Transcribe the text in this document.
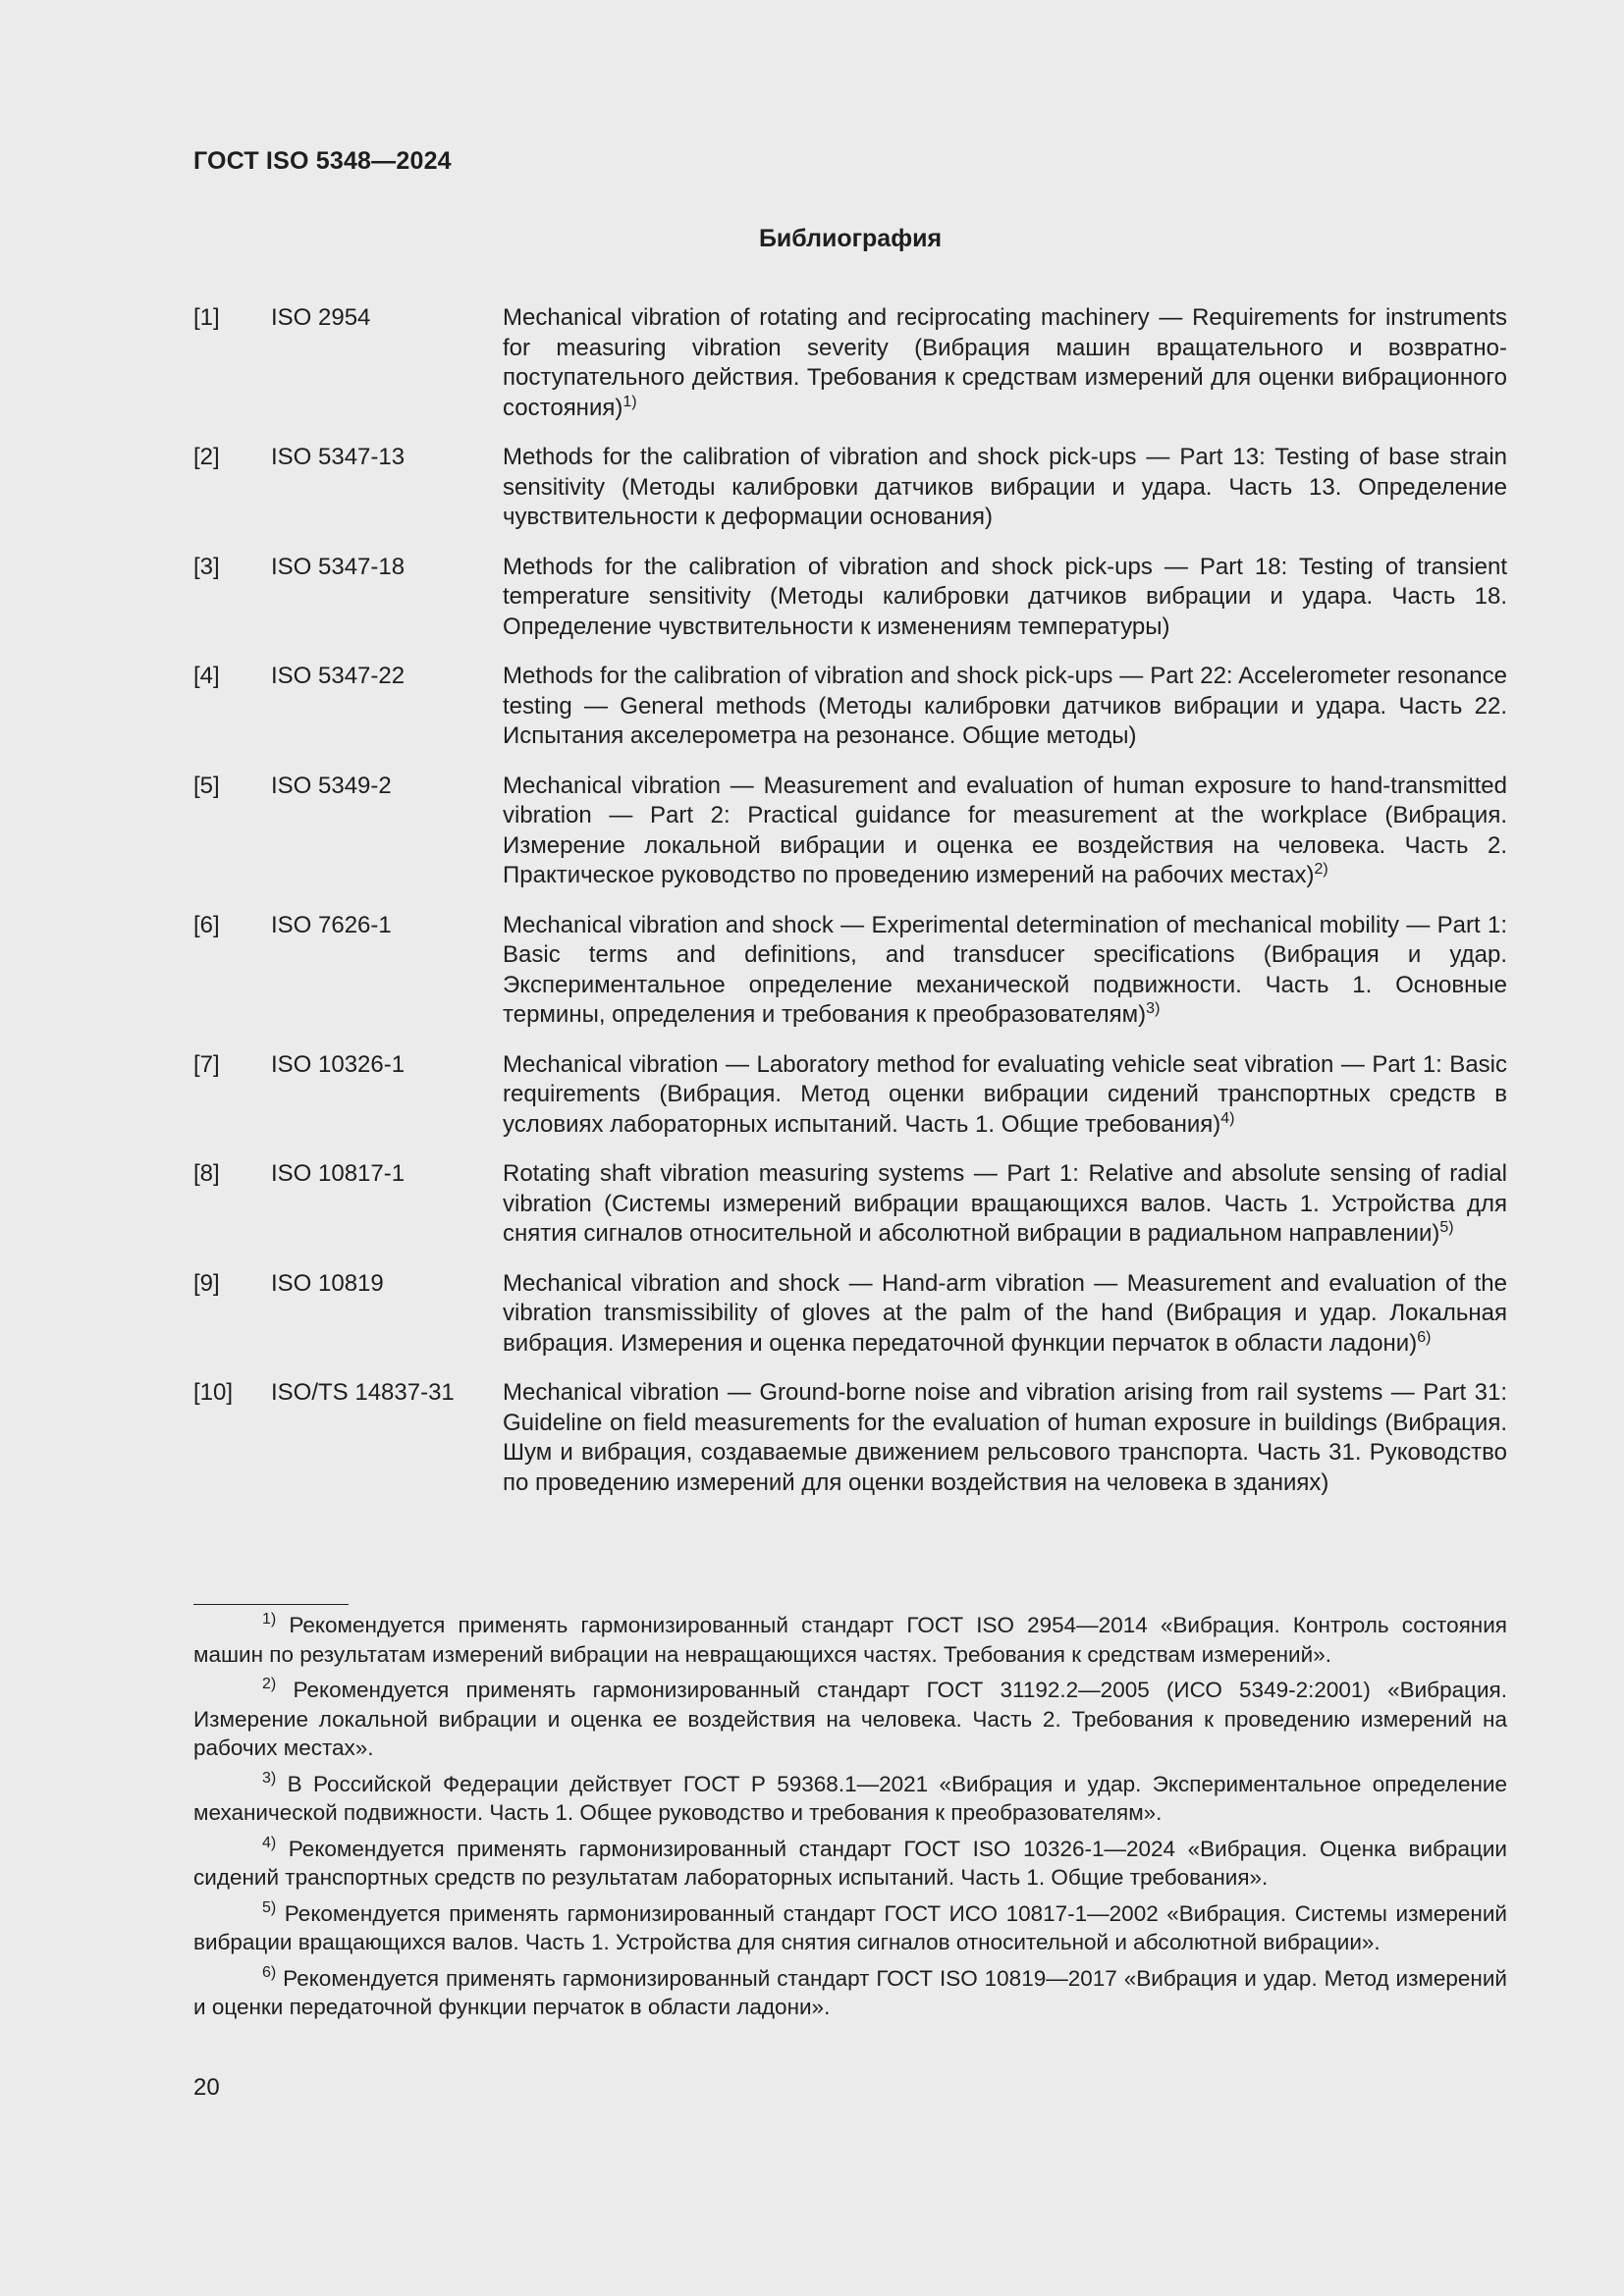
ГОСТ ISO 5348—2024
Библиография
[1]	ISO 2954	Mechanical vibration of rotating and reciprocating machinery — Requirements for instruments for measuring vibration severity (Вибрация машин вращательного и возвратно-поступательного действия. Требования к средствам измерений для оценки вибрационного состояния)$^{1)}$
[2]	ISO 5347-13	Methods for the calibration of vibration and shock pick-ups — Part 13: Testing of base strain sensitivity (Методы калибровки датчиков вибрации и удара. Часть 13. Определение чувствительности к деформации основания)
[3]	ISO 5347-18	Methods for the calibration of vibration and shock pick-ups — Part 18: Testing of transient temperature sensitivity (Методы калибровки датчиков вибрации и удара. Часть 18. Определение чувствительности к изменениям температуры)
[4]	ISO 5347-22	Methods for the calibration of vibration and shock pick-ups — Part 22: Accelerometer resonance testing — General methods (Методы калибровки датчиков вибрации и удара. Часть 22. Испытания акселерометра на резонансе. Общие методы)
[5]	ISO 5349-2	Mechanical vibration — Measurement and evaluation of human exposure to hand-transmitted vibration — Part 2: Practical guidance for measurement at the workplace (Вибрация. Измерение локальной вибрации и оценка ее воздействия на человека. Часть 2. Практическое руководство по проведению измерений на рабочих местах)$^{2)}$
[6]	ISO 7626-1	Mechanical vibration and shock — Experimental determination of mechanical mobility — Part 1: Basic terms and definitions, and transducer specifications (Вибрация и удар. Экспериментальное определение механической подвижности. Часть 1. Основные термины, определения и требования к преобразователям)$^{3)}$
[7]	ISO 10326-1	Mechanical vibration — Laboratory method for evaluating vehicle seat vibration — Part 1: Basic requirements (Вибрация. Метод оценки вибрации сидений транспортных средств в условиях лабораторных испытаний. Часть 1. Общие требования)$^{4)}$
[8]	ISO 10817-1	Rotating shaft vibration measuring systems — Part 1: Relative and absolute sensing of radial vibration (Системы измерений вибрации вращающихся валов. Часть 1. Устройства для снятия сигналов относительной и абсолютной вибрации в радиальном направлении)$^{5)}$
[9]	ISO 10819	Mechanical vibration and shock — Hand-arm vibration — Measurement and evaluation of the vibration transmissibility of gloves at the palm of the hand (Вибрация и удар. Локальная вибрация. Измерения и оценка передаточной функции перчаток в области ладони)$^{6)}$
[10]	ISO/TS 14837-31	Mechanical vibration — Ground-borne noise and vibration arising from rail systems — Part 31: Guideline on field measurements for the evaluation of human exposure in buildings (Вибрация. Шум и вибрация, создаваемые движением рельсового транспорта. Часть 31. Руководство по проведению измерений для оценки воздействия на человека в зданиях)

$^{1)}$ Рекомендуется применять гармонизированный стандарт ГОСТ ISO 2954—2014 «Вибрация. Контроль состояния машин по результатам измерений вибрации на невращающихся частях. Требования к средствам измерений».

$^{2)}$ Рекомендуется применять гармонизированный стандарт ГОСТ 31192.2—2005 (ИСО 5349-2:2001) «Вибрация. Измерение локальной вибрации и оценка ее воздействия на человека. Часть 2. Требования к проведению измерений на рабочих местах».

$^{3)}$ В Российской Федерации действует ГОСТ Р 59368.1—2021 «Вибрация и удар. Экспериментальное определение механической подвижности. Часть 1. Общее руководство и требования к преобразователям».

$^{4)}$ Рекомендуется применять гармонизированный стандарт ГОСТ ISO 10326-1—2024 «Вибрация. Оценка вибрации сидений транспортных средств по результатам лабораторных испытаний. Часть 1. Общие требования».

$^{5)}$ Рекомендуется применять гармонизированный стандарт ГОСТ ИСО 10817-1—2002 «Вибрация. Системы измерений вибрации вращающихся валов. Часть 1. Устройства для снятия сигналов относительной и абсолютной вибрации».

$^{6)}$ Рекомендуется применять гармонизированный стандарт ГОСТ ISO 10819—2017 «Вибрация и удар. Метод измерений и оценки передаточной функции перчаток в области ладони».

20
